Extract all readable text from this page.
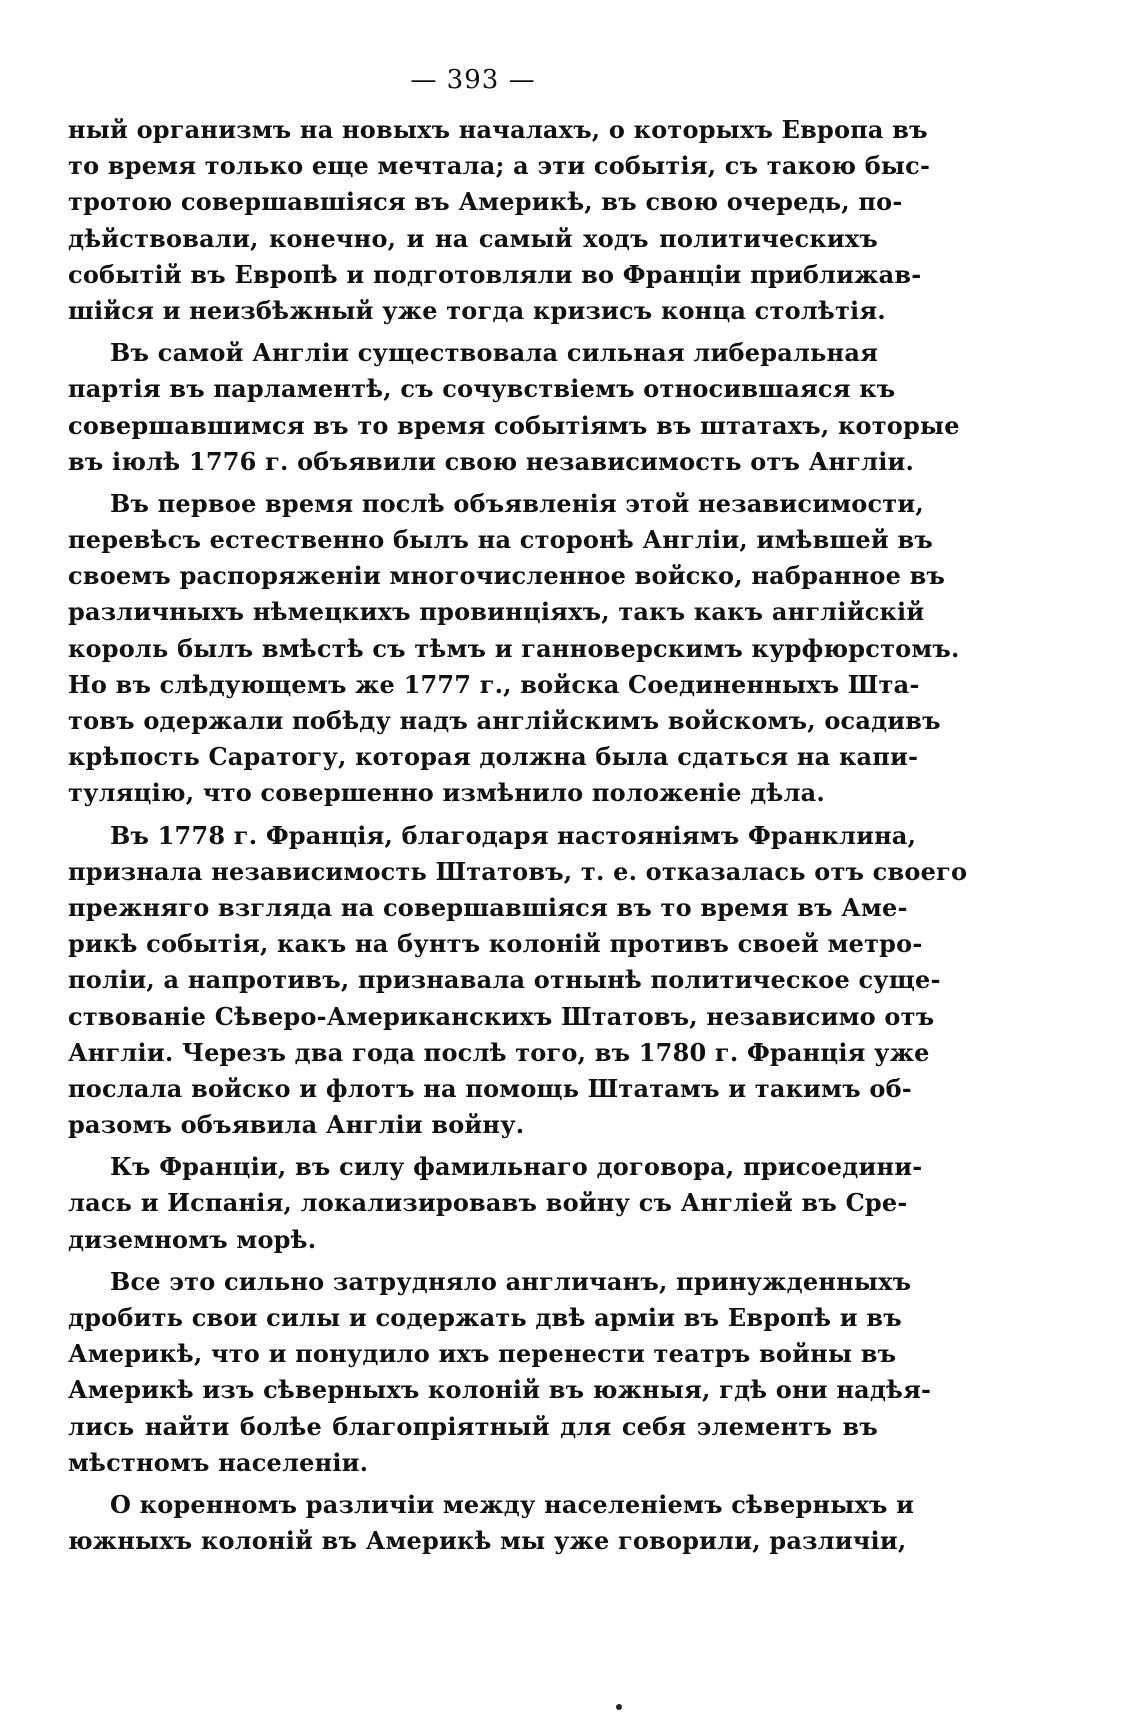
— 393 —
ный организмъ на новыхъ началахъ, о которыхъ Европа въ
то время только еще мечтала; а эти событія, съ такою быс-
тротою совершавшіяся въ Америкѣ, въ свою очередь, по-
дѣйствовали, конечно, и на самый ходъ политическихъ
событій въ Европѣ и подготовляли во Франціи приближав-
шійся и неизбѣжный уже тогда кризисъ конца столѣтія.
Въ самой Англіи существовала сильная либеральная
партія въ парламентѣ, съ сочувствіемъ относившаяся къ
совершавшимся въ то время событіямъ въ штатахъ, которые
въ іюлѣ 1776 г. объявили свою независимость отъ Англіи.
Въ первое время послѣ объявленія этой независимости,
перевѣсъ естественно былъ на сторонѣ Англіи, имѣвшей въ
своемъ распоряженіи многочисленное войско, набранное въ
различныхъ нѣмецкихъ провинціяхъ, такъ какъ англійскій
король былъ вмѣстѣ съ тѣмъ и ганноверскимъ курфюрстомъ.
Но въ слѣдующемъ же 1777 г., войска Соединенныхъ Шта-
товъ одержали побѣду надъ англійскимъ войскомъ, осадивъ
крѣпость Саратогу, которая должна была сдаться на капи-
туляцію, что совершенно измѣнило положеніе дѣла.
Въ 1778 г. Франція, благодаря настояніямъ Франклина,
признала независимость Штатовъ, т. е. отказалась отъ своего
прежняго взгляда на совершавшіяся въ то время въ Аме-
рикѣ событія, какъ на бунтъ колоній противъ своей метро-
поліи, а напротивъ, признавала отнынѣ политическое суще-
ствованіе Сѣверо-Американскихъ Штатовъ, независимо отъ
Англіи. Черезъ два года послѣ того, въ 1780 г. Франція уже
послала войско и флотъ на помощь Штатамъ и такимъ об-
разомъ объявила Англіи войну.
Къ Франціи, въ силу фамильнаго договора, присоедини-
лась и Испанія, локализировавъ войну съ Англіей въ Сре-
диземномъ морѣ.
Все это сильно затрудняло англичанъ, принужденныхъ
дробить свои силы и содержать двѣ арміи въ Европѣ и въ
Америкѣ, что и понудило ихъ перенести театръ войны въ
Америкѣ изъ сѣверныхъ колоній въ южныя, гдѣ они надѣя-
лись найти болѣе благопріятный для себя элементъ въ
мѣстномъ населеніи.
О коренномъ различіи между населеніемъ сѣверныхъ и
южныхъ колоній въ Америкѣ мы уже говорили, различіи,
